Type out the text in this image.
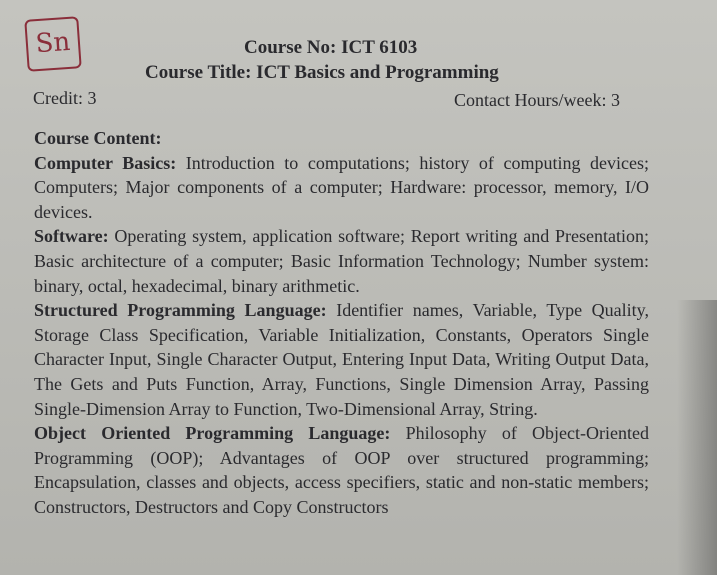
Sn	Course No: ICT 6103
Course Title: ICT Basics and Programming
Credit: 3	Contact Hours/week: 3

Course Content:

Computer Basics: Introduction to computations; history of computing devices; Computers; Major components of a computer; Hardware: processor, memory, I/O devices.

Software: Operating system, application software; Report writing and Presentation; Basic architecture of a computer; Basic Information Technology; Number system: binary, octal, hexadecimal, binary arithmetic.

Structured Programming Language: Identifier names, Variable, Type Quality, Storage Class Specification, Variable Initialization, Constants, Operators Single Character Input, Single Character Output, Entering Input Data, Writing Output Data, The Gets and Puts Function, Array, Functions, Single Dimension Array, Passing Single-Dimension Array to Function, Two-Dimensional Array, String.

Object Oriented Programming Language: Philosophy of Object-Oriented Programming (OOP); Advantages of OOP over structured programming; Encapsulation, classes and objects, access specifiers, static and non-static members; Constructors, Destructors and Copy Constructors
